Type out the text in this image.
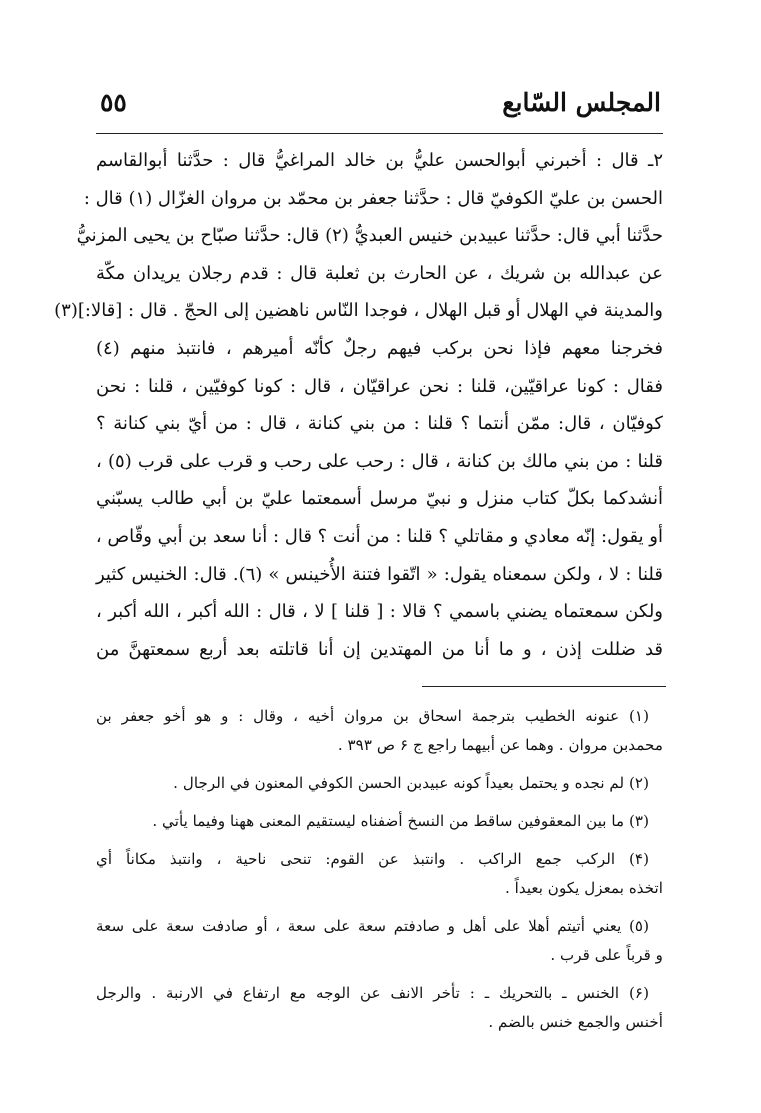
المجلس السّابع
٥٥
٢ـ قال : أخبرني أبوالحسن عليُّ بن خالد المراغيُّ قال : حدَّثنا أبوالقاسم
الحسن بن عليّ الكوفيّ قال : حدَّثنا جعفر بن محمّد بن مروان الغزّال (١) قال :
حدَّثنا أبي قال: حدَّثنا عبيدبن خنيس العبديُّ (٢) قال: حدَّثنا صبّاح بن يحيى المزنيُّ
عن عبدالله بن شريك ، عن الحارث بن ثعلبة قال : قدم رجلان يريدان مكّة
والمدينة في الهلال أو قبل الهلال ، فوجدا النّاس ناهضين إلى الحجّ . قال : [قالا:](٣)
فخرجنا معهم فإذا نحن بركب فيهم رجلٌ كأنّه أميرهم ، فانتبذ منهم (٤)
فقال : كونا عراقيّين، قلنا : نحن عراقيّان ، قال : كونا كوفيّين ، قلنا : نحن
كوفيّان ، قال: ممّن أنتما ؟ قلنا : من بني كنانة ، قال : من أيّ بني كنانة ؟
قلنا : من بني مالك بن كنانة ، قال : رحب على رحب و قرب على قرب (٥) ،
أنشدكما بكلّ كتاب منزل و نبيّ مرسل أسمعتما عليّ بن أبي طالب يسبّني
أو يقول: إنّه معادي و مقاتلي ؟ قلنا : من أنت ؟ قال : أنا سعد بن أبي وقّاص ،
قلنا : لا ، ولكن سمعناه يقول: « اتّقوا فتنة الأُخينس » (٦). قال: الخنيس كثير
ولكن سمعتماه يضني باسمي ؟ قالا : [ قلنا ] لا ، قال : الله أكبر ، الله أكبر ،
قد ضللت إذن ، و ما أنا من المهتدين إن أنا قاتلته بعد أربع سمعتهنَّ من
(١) عنونه الخطيب بترجمة اسحاق بن مروان أخيه ، وقال : و هو أخو جعفر بن
محمدبن مروان . وهما عن أبيهما راجع ج ۶ ص ۳۹۳ .
(٢) لم نجده و يحتمل بعيداً كونه عبيدبن الحسن الكوفي المعنون في الرجال .
(٣) ما بين المعقوفين ساقط من النسخ أضفناه ليستقيم المعنى ههنا وفيما يأتي .
(۴) الركب جمع الراكب . وانتبذ عن القوم: تنحى ناحية ، وانتبذ مكاناً أي
اتخذه بمعزل يكون بعيداً .
(٥) يعني أتيتم أهلا على أهل و صادفتم سعة على سعة ، أو صادفت سعة على سعة
و قرباً على قرب .
(۶) الخنس ـ بالتحريك ـ : تأخر الانف عن الوجه مع ارتفاع في الارنبة . والرجل
أخنس والجمع خنس بالضم .
